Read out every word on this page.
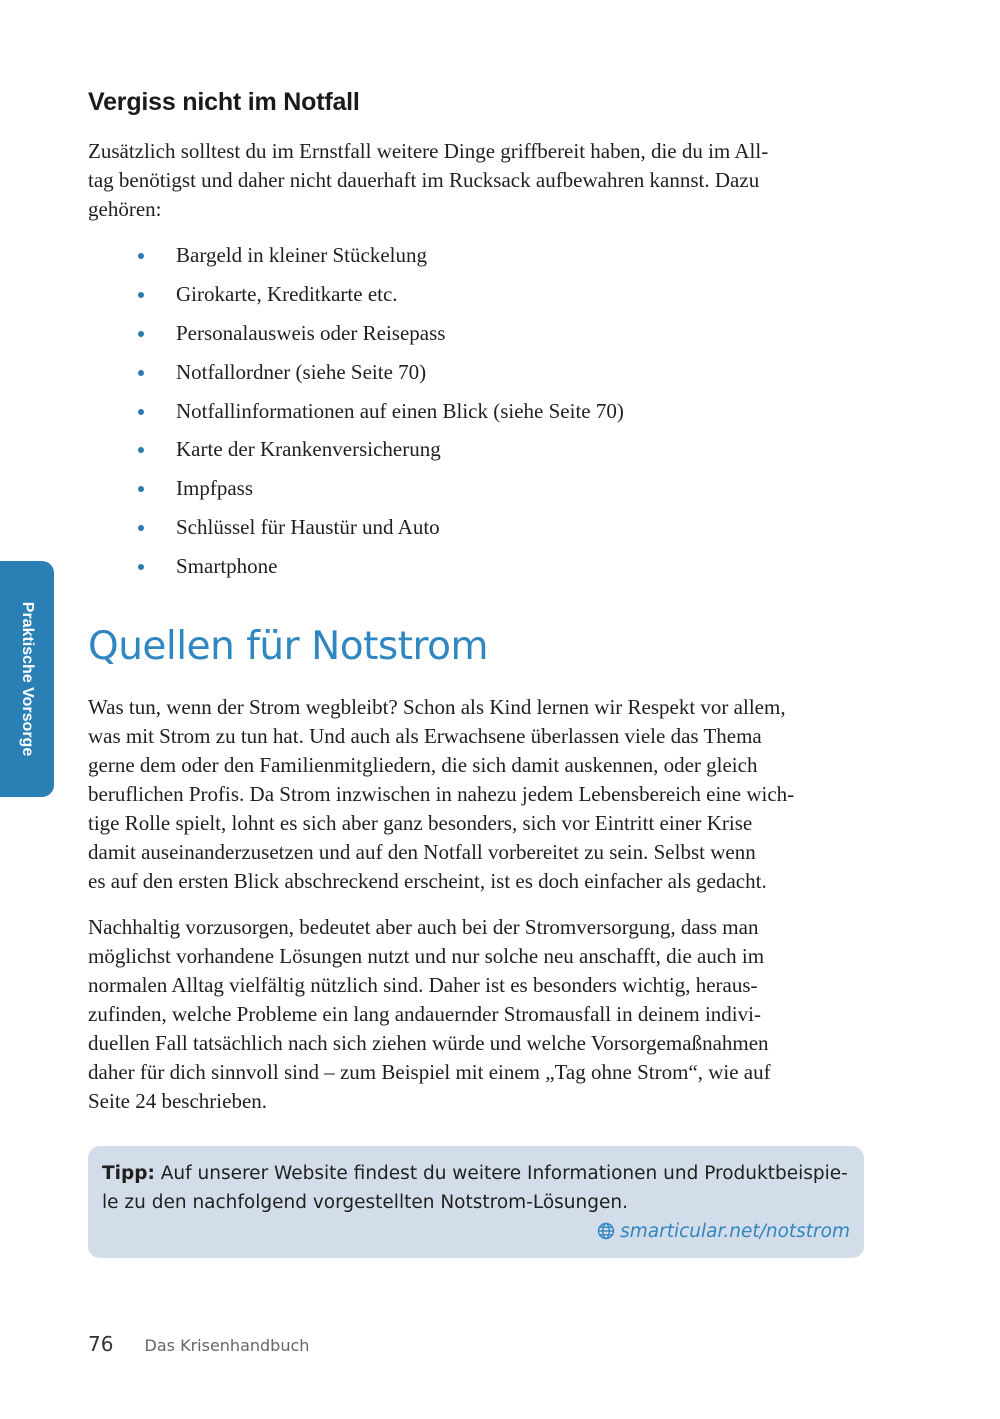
Vergiss nicht im Notfall
Zusätzlich solltest du im Ernstfall weitere Dinge griffbereit haben, die du im All-
tag benötigst und daher nicht dauerhaft im Rucksack aufbewahren kannst. Dazu
gehören:
Bargeld in kleiner Stückelung
Girokarte, Kreditkarte etc.
Personalausweis oder Reisepass
Notfallordner (siehe Seite 70)
Notfallinformationen auf einen Blick (siehe Seite 70)
Karte der Krankenversicherung
Impfpass
Schlüssel für Haustür und Auto
Smartphone
Praktische Vorsorge Quellen für Notstrom
Was tun, wenn der Strom wegbleibt? Schon als Kind lernen wir Respekt vor allem,
was mit Strom zu tun hat. Und auch als Erwachsene überlassen viele das Thema
gerne dem oder den Familienmitgliedern, die sich damit auskennen, oder gleich
beruflichen Profis. Da Strom inzwischen in nahezu jedem Lebensbereich eine wich-
tige Rolle spielt, lohnt es sich aber ganz besonders, sich vor Eintritt einer Krise
damit auseinanderzusetzen und auf den Notfall vorbereitet zu sein. Selbst wenn
es auf den ersten Blick abschreckend erscheint, ist es doch einfacher als gedacht.
Nachhaltig vorzusorgen, bedeutet aber auch bei der Stromversorgung, dass man
möglichst vorhandene Lösungen nutzt und nur solche neu anschafft, die auch im
normalen Alltag vielfältig nützlich sind. Daher ist es besonders wichtig, heraus-
zufinden, welche Probleme ein lang andauernder Stromausfall in deinem indivi-
duellen Fall tatsächlich nach sich ziehen würde und welche Vorsorgemaßnahmen
daher für dich sinnvoll sind – zum Beispiel mit einem „Tag ohne Strom“, wie auf
Seite 24 beschrieben.
Tipp: Auf unserer Website findest du weitere Informationen und Produktbeispie-
le zu den nachfolgend vorgestellten Notstrom-Lösungen.
smarticular.net/notstrom
76 Das Krisenhandbuch
